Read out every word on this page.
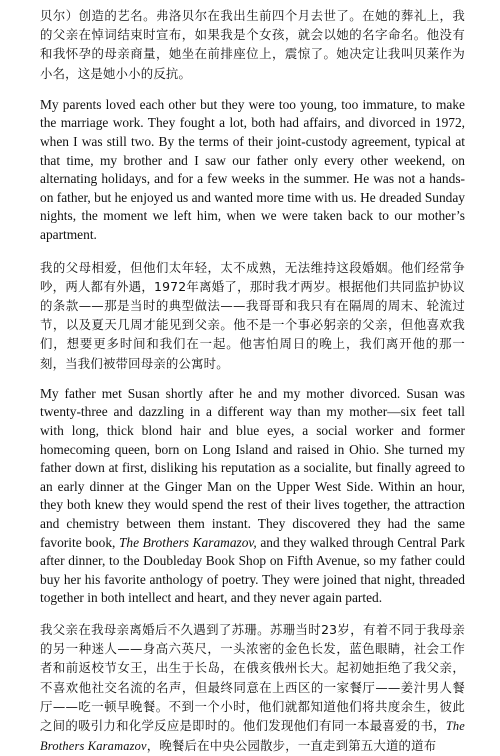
贝尔）创造的艺名。弗洛贝尔在我出生前四个月去世了。在她的葬礼上，我的父亲在悼词结束时宣布，如果我是个女孩，就会以她的名字命名。他没有和我怀孕的母亲商量，她坐在前排座位上，震惊了。她决定让我叫贝莱作为小名，这是她小小的反抗。

My parents loved each other but they were too young, too immature, to make the marriage work. They fought a lot, both had affairs, and divorced in 1972, when I was still two. By the terms of their joint-custody agreement, typical at that time, my brother and I saw our father only every other weekend, on alternating holidays, and for a few weeks in the summer. He was not a hands-on father, but he enjoyed us and wanted more time with us. He dreaded Sunday nights, the moment we left him, when we were taken back to our mother’s apartment.

我的父母相爱，但他们太年轻，太不成熟，无法维持这段婚姻。他们经常争吵，两人都有外遇，1972年离婚了，那时我才两岁。根据他们共同监护协议的条款——那是当时的典型做法——我哥哥和我只有在隔周的周末、轮流过节，以及夏天几周才能见到父亲。他不是一个事必躬亲的父亲，但他喜欢我们，想要更多时间和我们在一起。他害怕周日的晚上，我们离开他的那一刻，当我们被带回母亲的公寓时。

My father met Susan shortly after he and my mother divorced. Susan was twenty-three and dazzling in a different way than my mother—six feet tall with long, thick blond hair and blue eyes, a social worker and former homecoming queen, born on Long Island and raised in Ohio. She turned my father down at first, disliking his reputation as a socialite, but finally agreed to an early dinner at the Ginger Man on the Upper West Side. Within an hour, they both knew they would spend the rest of their lives together, the attraction and chemistry between them instant. They discovered they had the same favorite book, The Brothers Karamazov, and they walked through Central Park after dinner, to the Doubleday Book Shop on Fifth Avenue, so my father could buy her his favorite anthology of poetry. They were joined that night, threaded together in both intellect and heart, and they never again parted.

我父亲在我母亲离婚后不久遇到了苏珊。苏珊当时23岁，有着不同于我母亲的另一种迷人——身高六英尺，一头浓密的金色长发，蓝色眼睛，社会工作者和前返校节女王，出生于长岛，在俄亥俄州长大。起初她拒绝了我父亲，不喜欢他社交名流的名声，但最终同意在上西区的一家餐厅——姜汁男人餐厅——吃一顿早晚餐。不到一个小时，他们就都知道他们将共度余生，彼此之间的吸引力和化学反应是即时的。他们发现他们有同一本最喜爱的书，The Brothers Karamazov，晚餐后在中央公园散步，一直走到第五大道的道布
